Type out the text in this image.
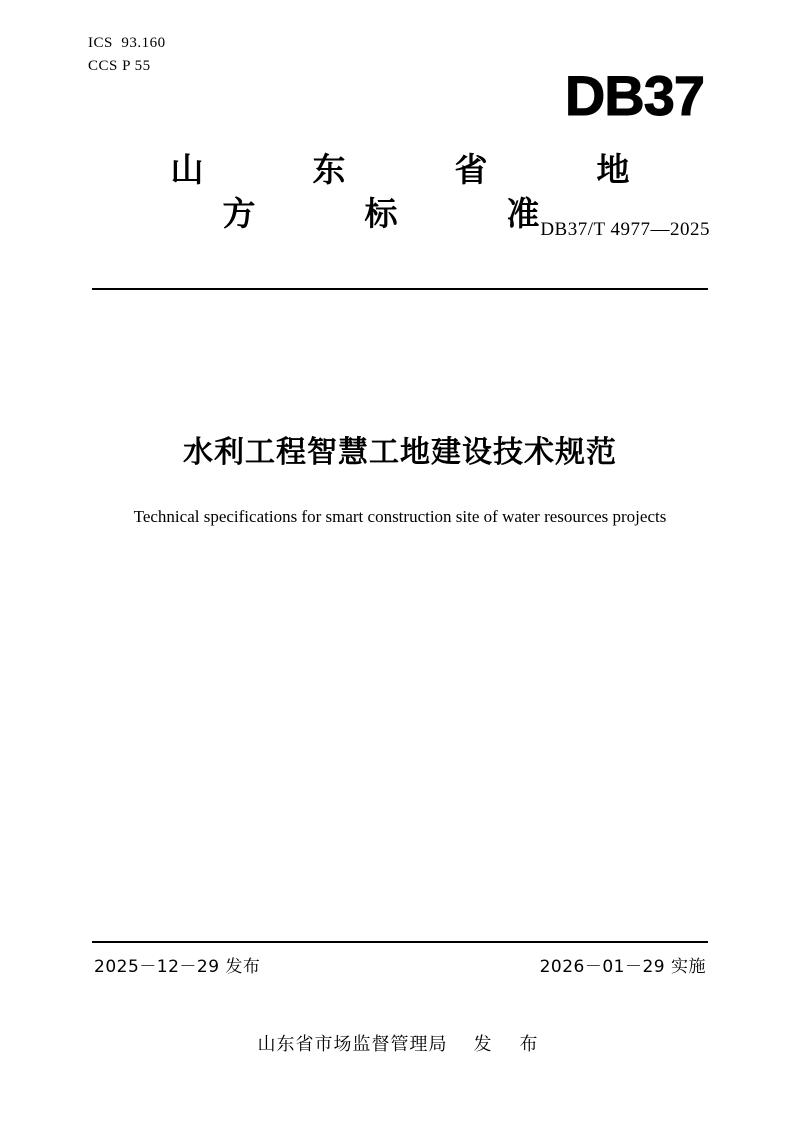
ICS  93.160
CCS P 55	DB37
山　东　省　地　方　标　准
DB37/T 4977—2025
水利工程智慧工地建设技术规范
Technical specifications for smart construction site of water resources projects
2025－12－29 发布	2026－01－29 实施
山东省市场监督管理局 发　布
